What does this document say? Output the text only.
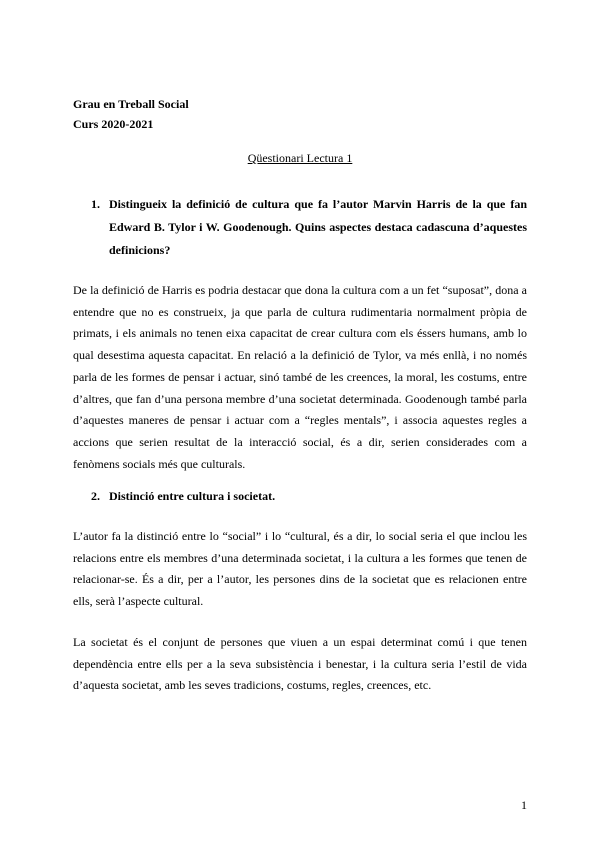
Grau en Treball Social
Curs 2020-2021
Qüestionari Lectura 1
1. Distingueix la definició de cultura que fa l’autor Marvin Harris de la que fan Edward B. Tylor i W. Goodenough. Quins aspectes destaca cadascuna d’aquestes definicions?
De la definició de Harris es podria destacar que dona la cultura com a un fet “suposat”, dona a entendre que no es construeix, ja que parla de cultura rudimentaria normalment pròpia de primats, i els animals no tenen eixa capacitat de crear cultura com els éssers humans, amb lo qual desestima aquesta capacitat. En relació a la definició de Tylor, va més enllà, i no només parla de les formes de pensar i actuar, sinó també de les creences, la moral, les costums, entre d’altres, que fan d’una persona membre d’una societat determinada. Goodenough també parla d’aquestes maneres de pensar i actuar com a “regles mentals”, i associa aquestes regles a accions que serien resultat de la interacció social, és a dir, serien considerades com a fenòmens socials més que culturals.
2. Distinció entre cultura i societat.
L’autor fa la distinció entre lo “social” i lo “cultural, és a dir, lo social seria el que inclou les relacions entre els membres d’una determinada societat, i la cultura a les formes que tenen de relacionar-se. És a dir, per a l’autor, les persones dins de la societat que es relacionen entre ells, serà l’aspecte cultural.
La societat és el conjunt de persones que viuen a un espai determinat comú i que tenen dependència entre ells per a la seva subsistència i benestar, i la cultura seria l’estil de vida d’aquesta societat, amb les seves tradicions, costums, regles, creences, etc.
1
